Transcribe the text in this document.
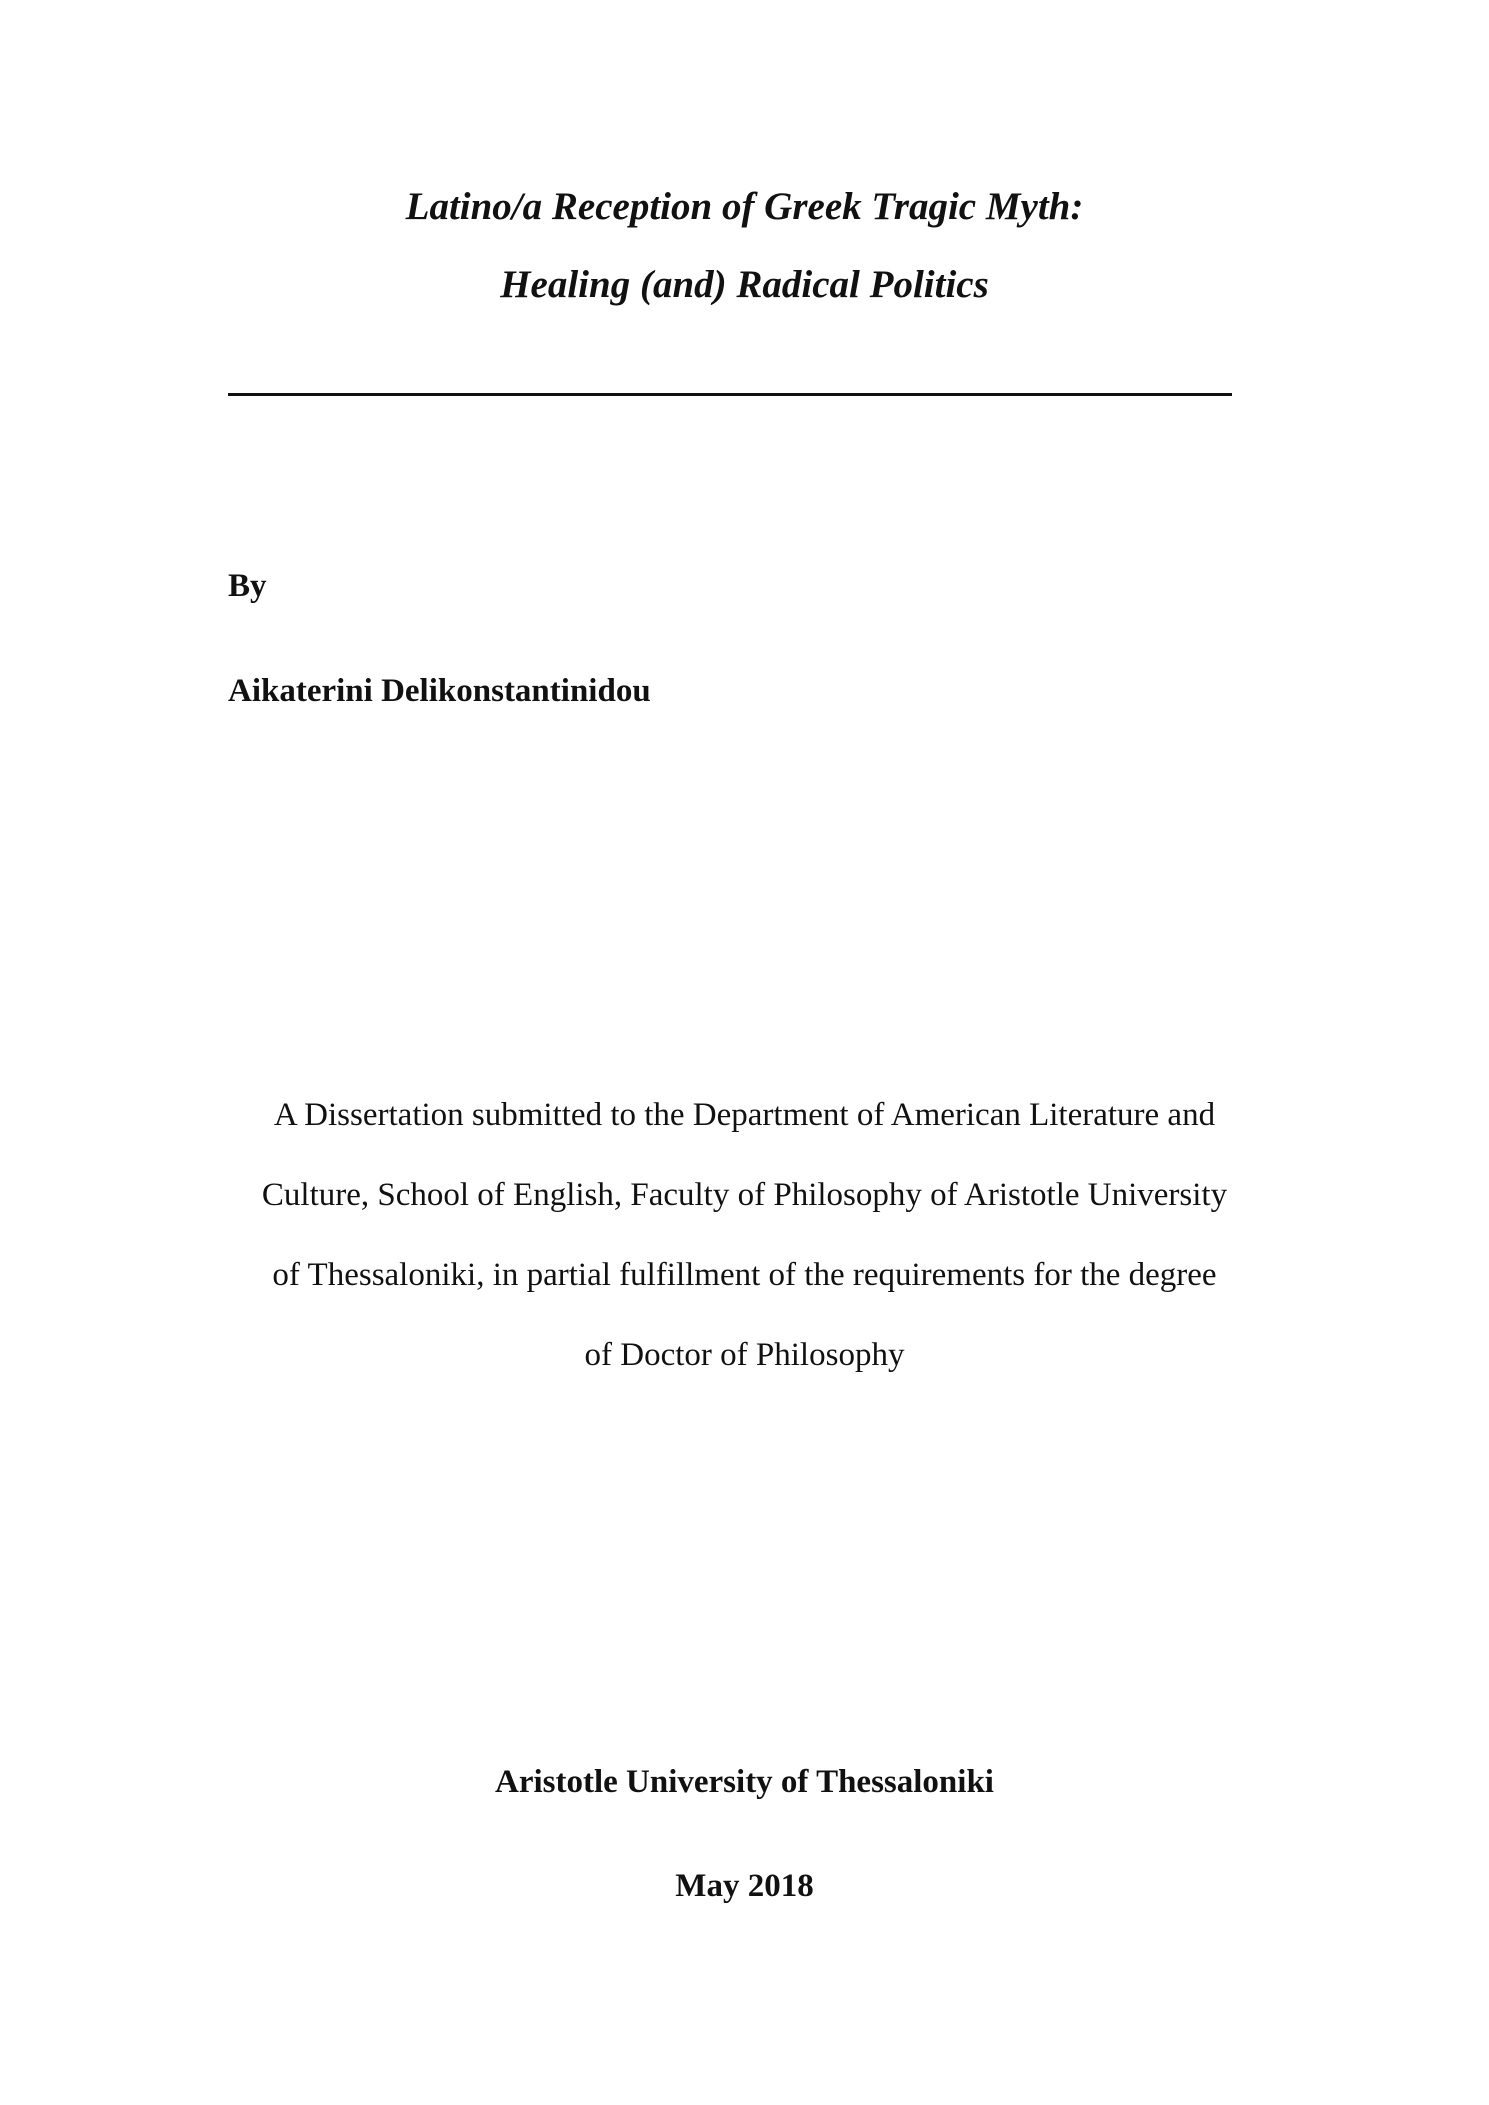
Latino/a Reception of Greek Tragic Myth:
Healing (and) Radical Politics
By
Aikaterini Delikonstantinidou
A Dissertation submitted to the Department of American Literature and
Culture, School of English, Faculty of Philosophy of Aristotle University
of Thessaloniki, in partial fulfillment of the requirements for the degree
of Doctor of Philosophy
Aristotle University of Thessaloniki
May 2018
